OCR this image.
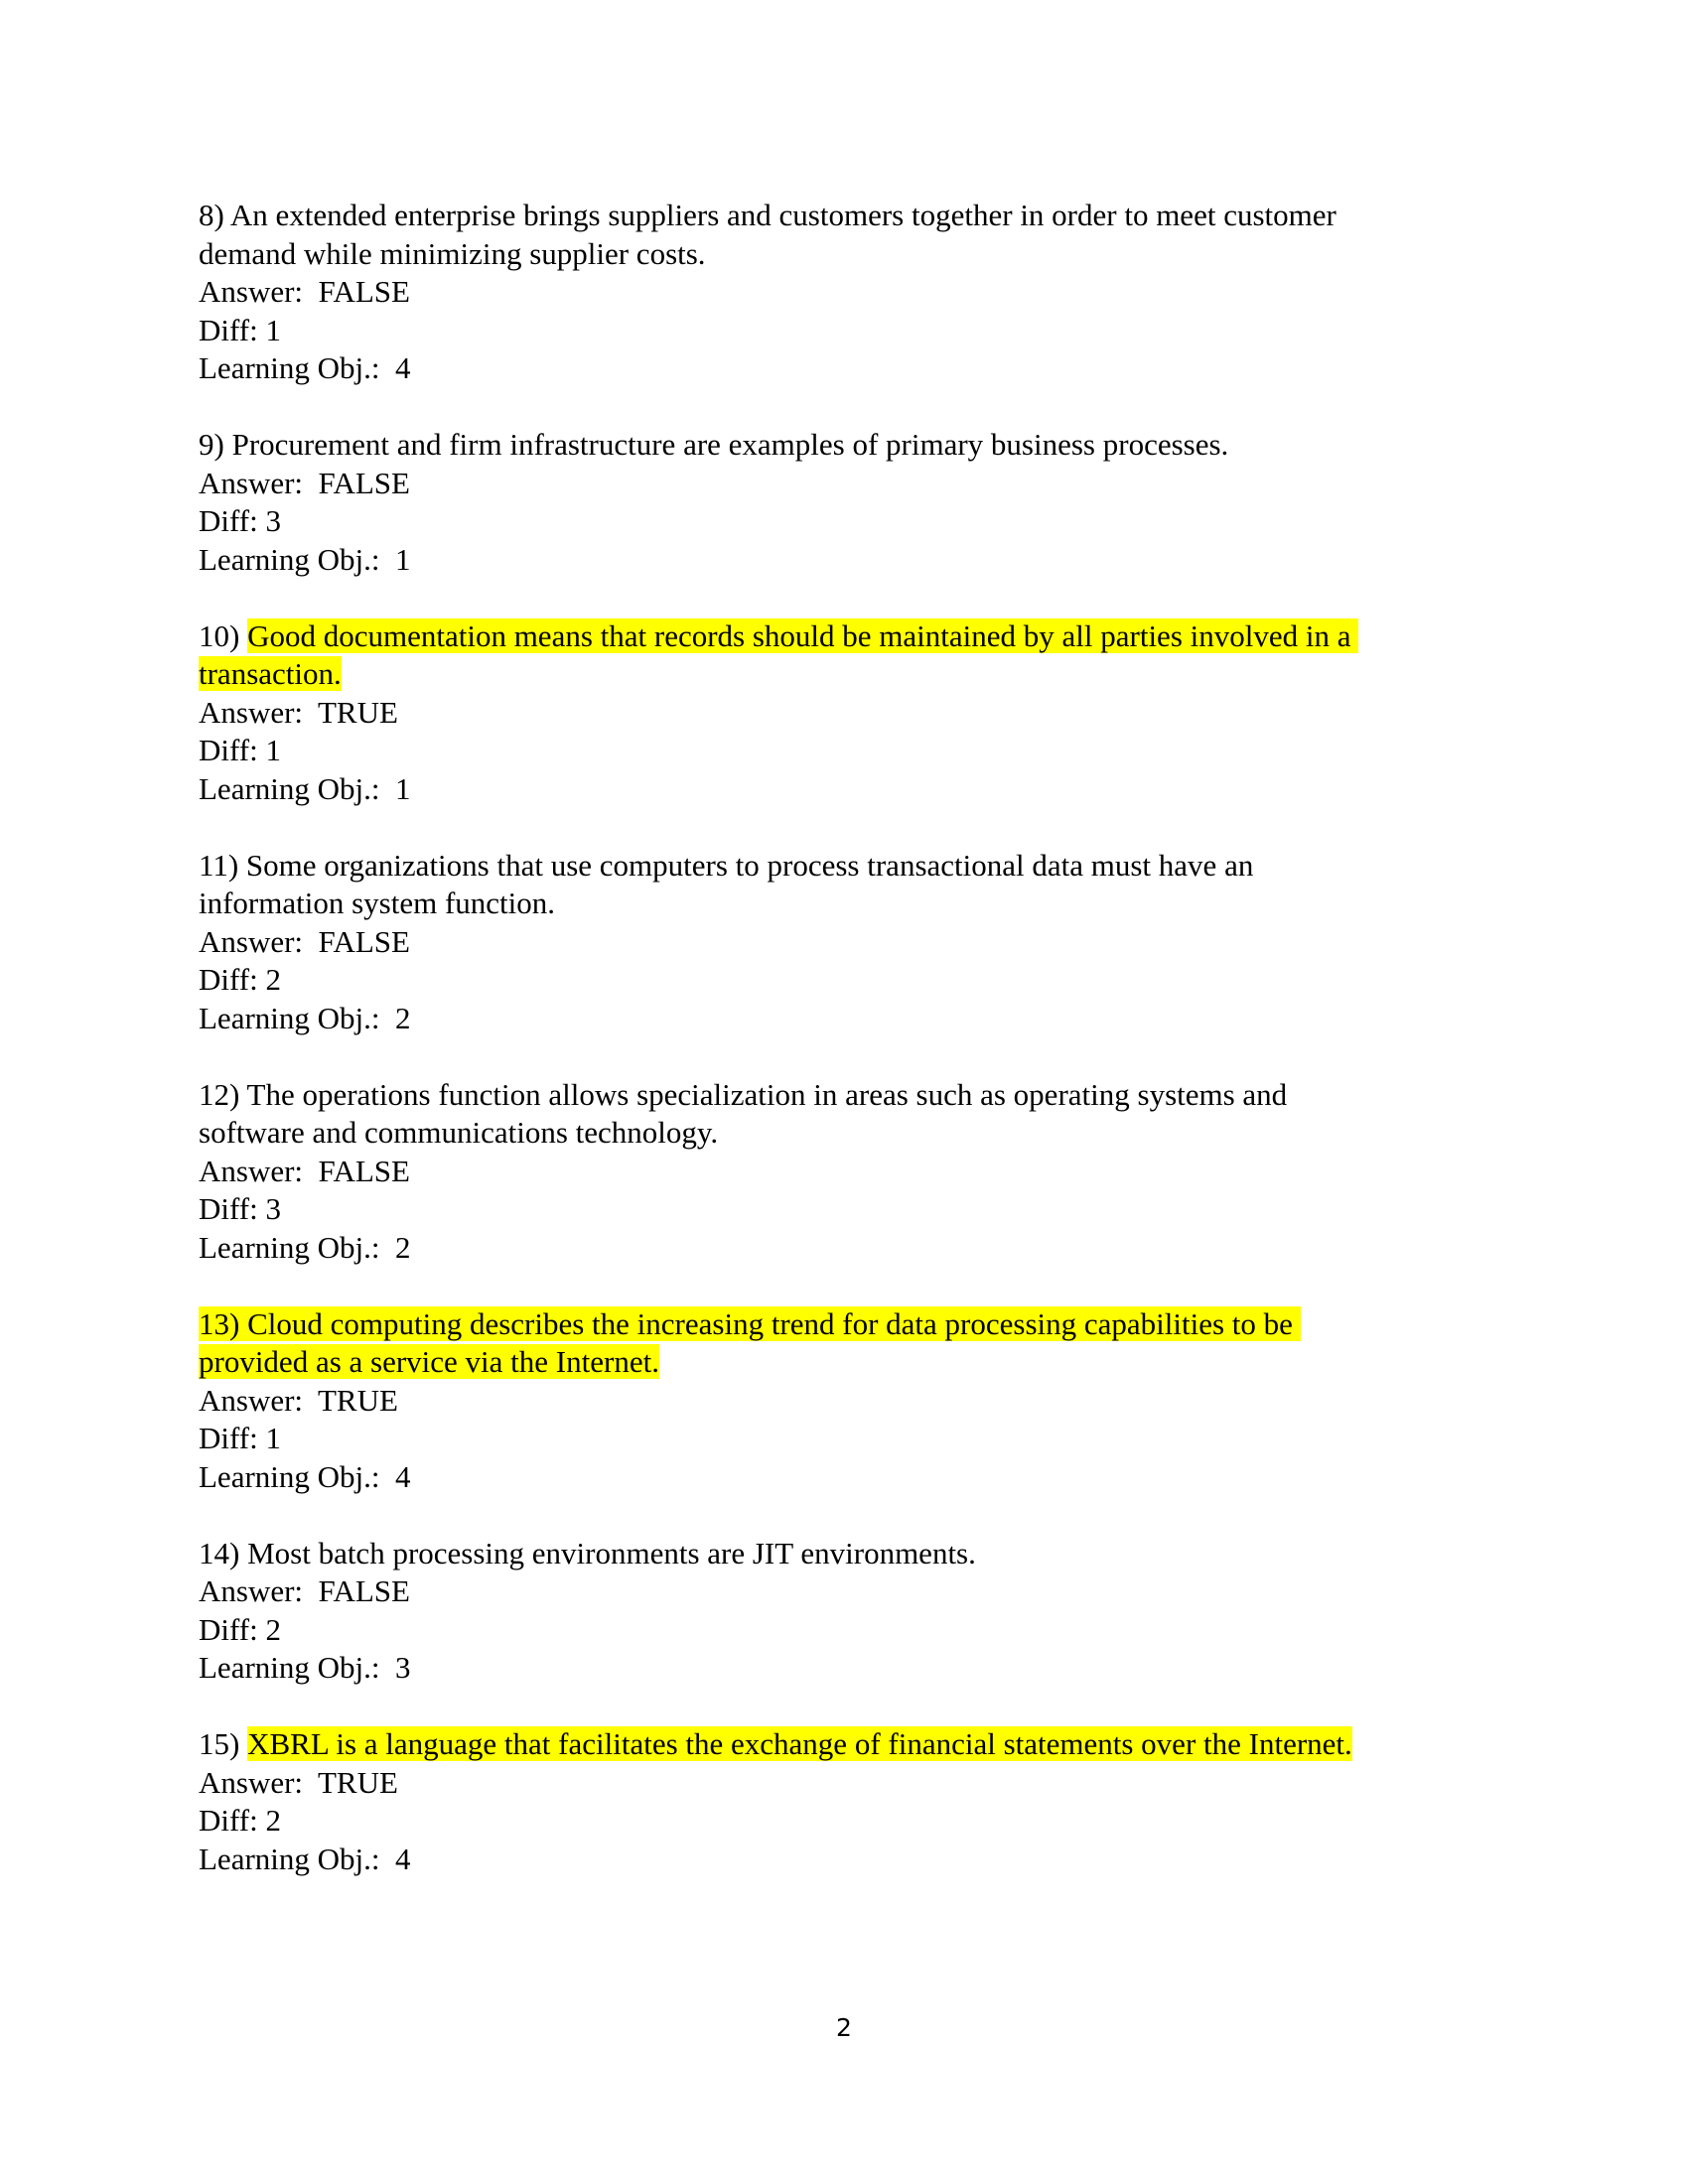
8) An extended enterprise brings suppliers and customers together in order to meet customer
demand while minimizing supplier costs.

Answer:  FALSE
Diff: 1
Learning Obj.:  4

9) Procurement and firm infrastructure are examples of primary business processes.

Answer:  FALSE
Diff: 3
Learning Obj.:  1

10) Good documentation means that records should be maintained by all parties involved in a
transaction.

Answer:  TRUE
Diff: 1
Learning Obj.:  1

11) Some organizations that use computers to process transactional data must have an
information system function.

Answer:  FALSE
Diff: 2
Learning Obj.:  2

12) The operations function allows specialization in areas such as operating systems and
software and communications technology.

Answer:  FALSE
Diff: 3
Learning Obj.:  2

13) Cloud computing describes the increasing trend for data processing capabilities to be
provided as a service via the Internet.

Answer:  TRUE
Diff: 1
Learning Obj.:  4

14) Most batch processing environments are JIT environments.

Answer:  FALSE
Diff: 2
Learning Obj.:  3

15) XBRL is a language that facilitates the exchange of financial statements over the Internet.

Answer:  TRUE
Diff: 2
Learning Obj.:  4
2
